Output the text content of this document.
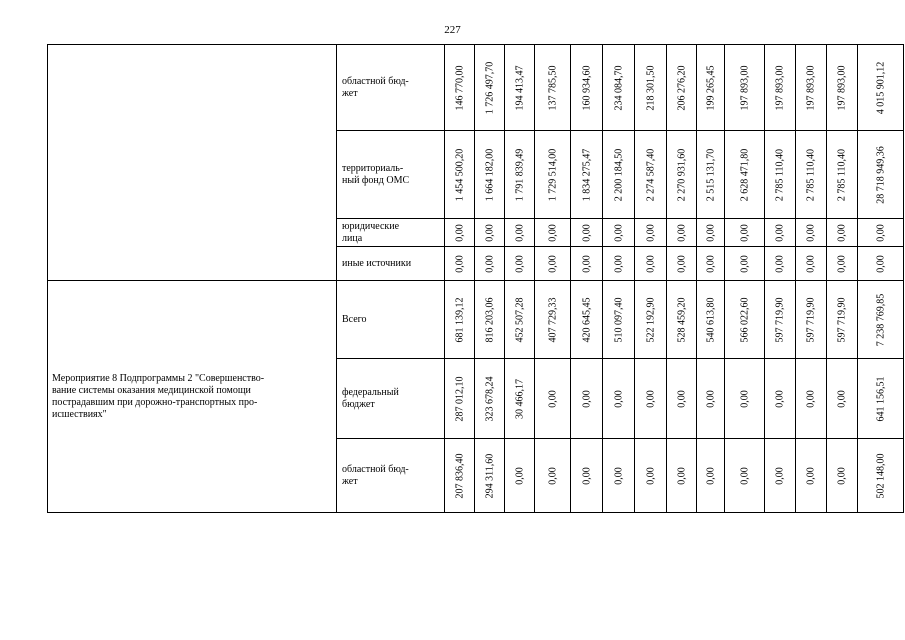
227
	областной бюд-
жет	146 770,00	1 726 497,70	194 413,47	137 785,50	160 934,60	234 084,70	218 301,50	206 276,20	199 265,45	197 893,00	197 893,00	197 893,00	197 893,00	4 015 901,12

	территориаль-
ный фонд ОМС	1 454 500,20	1 664 182,00	1 791 839,49	1 729 514,00	1 834 275,47	2 200 184,50	2 274 587,40	2 270 931,60	2 515 131,70	2 628 471,80	2 785 110,40	2 785 110,40	2 785 110,40	28 718 949,36

	юридические
лица	0,00	0,00	0,00	0,00	0,00	0,00	0,00	0,00	0,00	0,00	0,00	0,00	0,00	0,00

	иные источники	0,00	0,00	0,00	0,00	0,00	0,00	0,00	0,00	0,00	0,00	0,00	0,00	0,00	0,00

Мероприятие 8 Подпрограммы 2 "Совершенство-
вание системы оказания медицинской помощи
пострадавшим при дорожно-транспортных про-
исшествиях"	Всего	681 139,12	816 203,06	452 507,28	407 729,33	420 645,45	510 097,40	522 192,90	528 459,20	540 613,80	566 022,60	597 719,90	597 719,90	597 719,90	7 238 769,85

	федеральный
бюджет	287 012,10	323 678,24	30 466,17	0,00	0,00	0,00	0,00	0,00	0,00	0,00	0,00	0,00	0,00	641 156,51

	областной бюд-
жет	207 836,40	294 311,60	0,00	0,00	0,00	0,00	0,00	0,00	0,00	0,00	0,00	0,00	0,00	502 148,00
